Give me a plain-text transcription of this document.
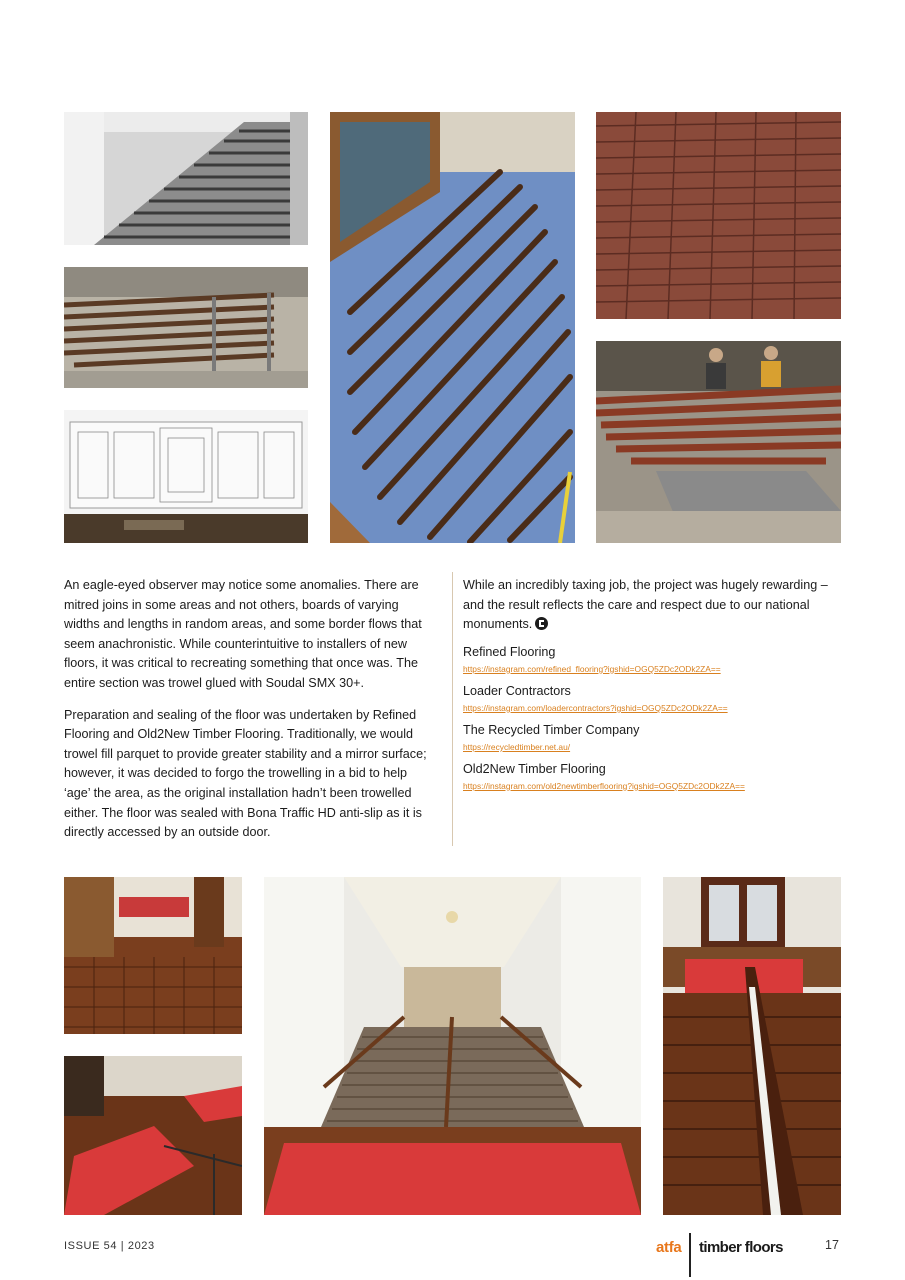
An eagle-eyed observer may notice some anomalies. There are mitred joins in some areas and not others, boards of varying widths and lengths in random areas, and some border flows that seem anachronistic. While counterintuitive to installers of new floors, it was critical to recreating something that once was. The entire section was trowel glued with Soudal SMX 30+.

Preparation and sealing of the floor was undertaken by Refined Flooring and Old2New Timber Flooring. Traditionally, we would trowel fill parquet to provide greater stability and a mirror surface; however, it was decided to forgo the trowelling in a bid to help ‘age’ the area, as the original installation hadn’t been trowelled either. The floor was sealed with Bona Traffic HD anti-slip as it is directly accessed by an outside door.

While an incredibly taxing job, the project was hugely rewarding – and the result reflects the care and respect due to our national monuments.

Refined Flooring
https://instagram.com/refined_flooring?igshid=OGQ5ZDc2ODk2ZA==
Loader Contractors
https://instagram.com/loadercontractors?igshid=OGQ5ZDc2ODk2ZA==
The Recycled Timber Company
https://recycledtimber.net.au/
Old2New Timber Flooring
https://instagram.com/old2newtimberflooring?igshid=OGQ5ZDc2ODk2ZA==
ISSUE 54 | 2023	atfa timber floors	17
